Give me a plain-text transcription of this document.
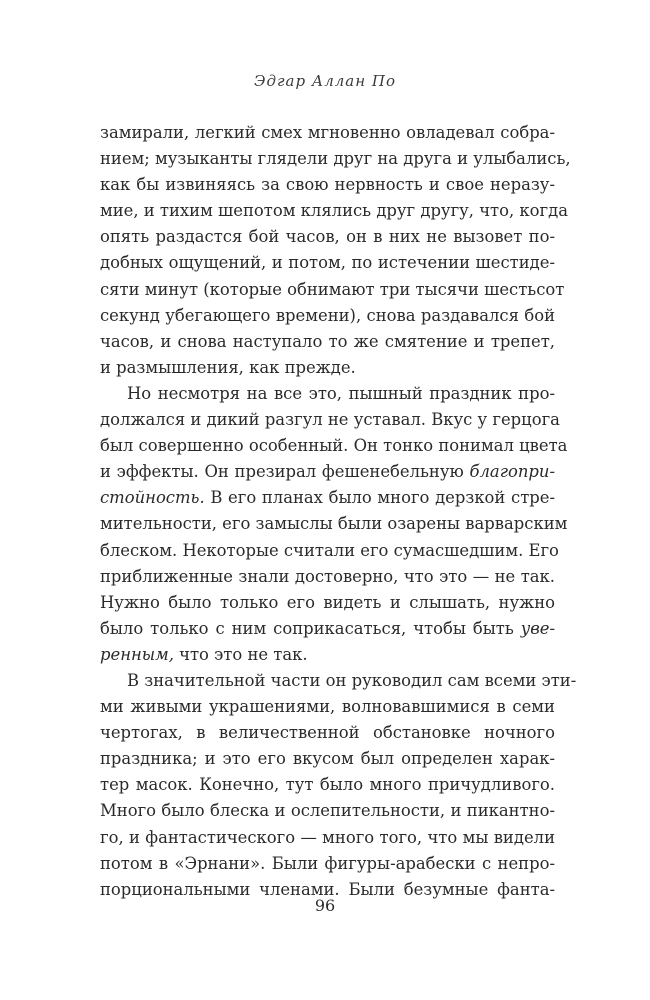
Эдгар Аллан По
замирали, легкий смех мгновенно овладевал собра-
нием; музыканты глядели друг на друга и улыбались,
как бы извиняясь за свою нервность и свое неразу-
мие, и тихим шепотом клялись друг другу, что, когда
опять раздастся бой часов, он в них не вызовет по-
добных ощущений, и потом, по истечении шестиде-
сяти минут (которые обнимают три тысячи шестьсот
секунд убегающего времени), снова раздавался бой
часов, и снова наступало то же смятение и трепет,
и размышления, как прежде.
Но несмотря на все это, пышный праздник про-
должался и дикий разгул не уставал. Вкус у герцога
был совершенно особенный. Он тонко понимал цвета
и эффекты. Он презирал фешенебельную благопри-
стойность. В его планах было много дерзкой стре-
мительности, его замыслы были озарены варварским
блеском. Некоторые считали его сумасшедшим. Его
приближенные знали достоверно, что это — не так.
Нужно было только его видеть и слышать, нужно
было только с ним соприкасаться, чтобы быть уве-
ренным, что это не так.
В значительной части он руководил сам всеми эти-
ми живыми украшениями, волновавшимися в семи
чертогах, в величественной обстановке ночного
праздника; и это его вкусом был определен харак-
тер масок. Конечно, тут было много причудливого.
Много было блеска и ослепительности, и пикантно-
го, и фантастического — много того, что мы видели
потом в «Эрнани». Были фигуры-арабески с непро-
порциональными членами. Были безумные фанта-
96
